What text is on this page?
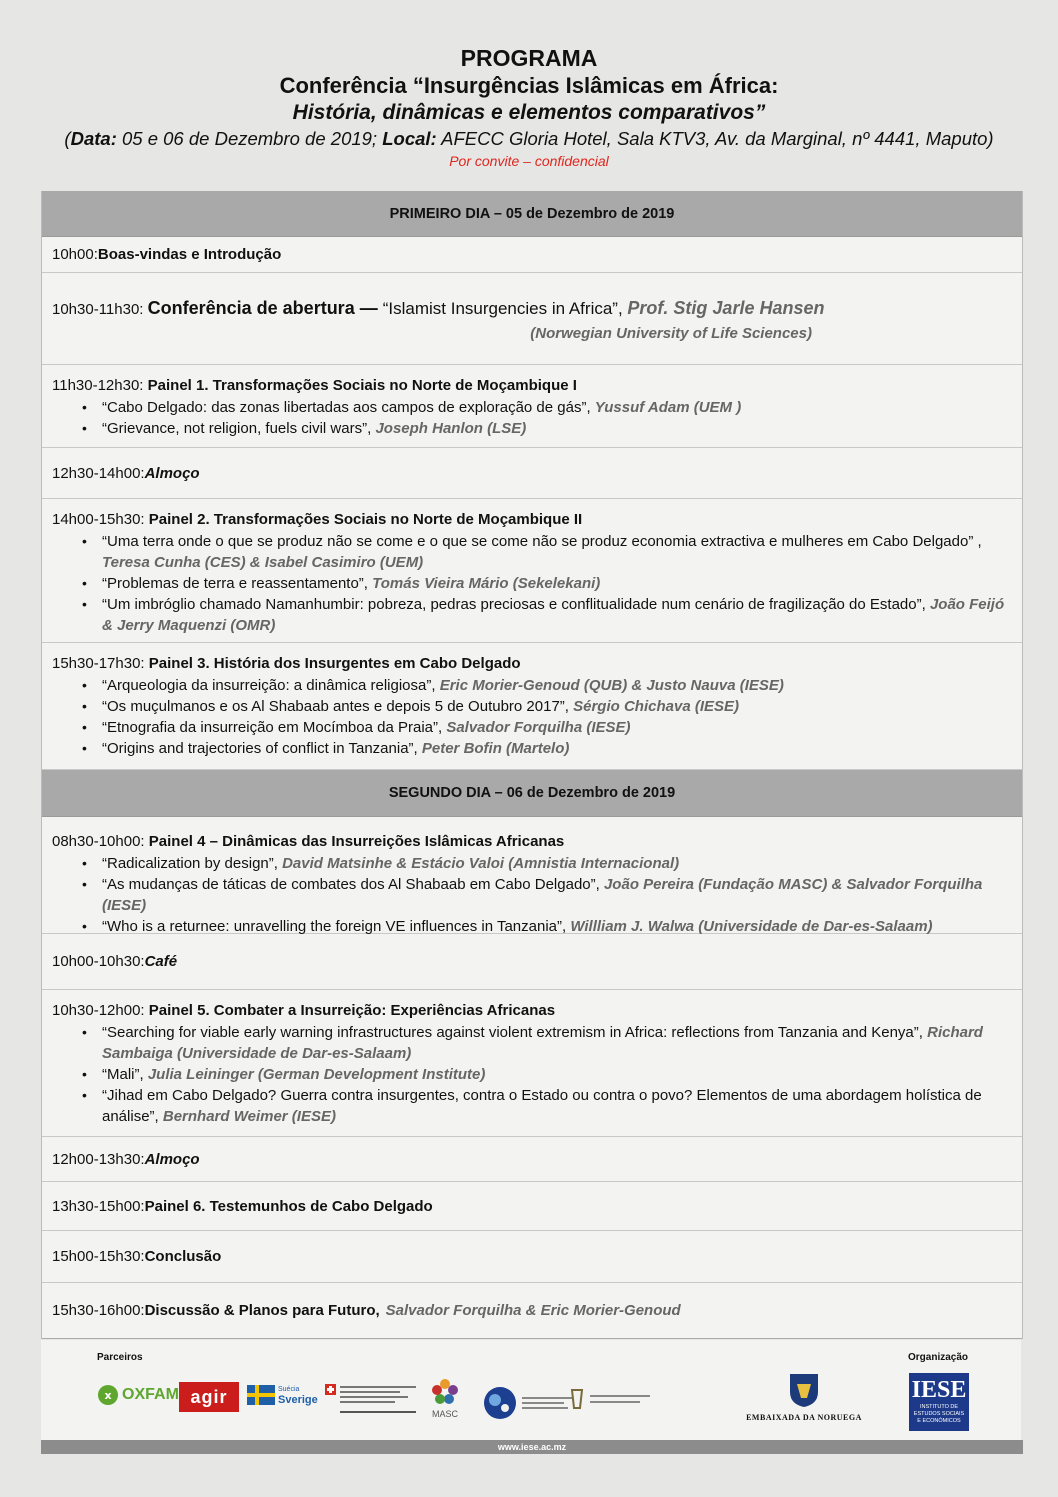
PROGRAMA
Conferência “Insurgências Islâmicas em África:
História, dinâmicas e elementos comparativos”
(Data: 05 e 06 de Dezembro de 2019; Local: AFECC Gloria Hotel, Sala KTV3, Av. da Marginal, nº 4441, Maputo)
Por convite – confidencial
PRIMEIRO DIA – 05 de Dezembro de 2019
10h00: Boas-vindas e Introdução
10h30-11h30: Conferência de abertura — “Islamist Insurgencies in Africa”, Prof. Stig Jarle Hansen
(Norwegian University of Life Sciences)
11h30-12h30: Painel 1. Transformações Sociais no Norte de Moçambique I
• “Cabo Delgado: das zonas libertadas aos campos de exploração de gás”, Yussuf Adam (UEM )
• “Grievance, not religion, fuels civil wars”, Joseph Hanlon (LSE)
12h30-14h00: Almoço
14h00-15h30: Painel 2. Transformações Sociais no Norte de Moçambique II
• “Uma terra onde o que se produz não se come e o que se come não se produz economia extractiva e mulheres em Cabo Delgado” , Teresa Cunha (CES) & Isabel Casimiro (UEM)
• “Problemas de terra e reassentamento”, Tomás Vieira Mário (Sekelekani)
• “Um imbróglio chamado Namanhumbir: pobreza, pedras preciosas e conflitualidade num cenário de fragilização do Estado”, João Feijó & Jerry Maquenzi (OMR)
15h30-17h30: Painel 3. História dos Insurgentes em Cabo Delgado
• “Arqueologia da insurreição: a dinâmica religiosa”, Eric Morier-Genoud (QUB) & Justo Nauva (IESE)
• “Os muçulmanos e os Al Shabaab antes e depois 5 de Outubro 2017”, Sérgio Chichava (IESE)
• “Etnografia da insurreição em Mocímboa da Praia”, Salvador Forquilha (IESE)
• “Origins and trajectories of conflict in Tanzania”, Peter Bofin (Martelo)
SEGUNDO DIA – 06 de Dezembro de 2019
08h30-10h00: Painel 4 – Dinâmicas das Insurreições Islâmicas Africanas
• “Radicalization by design”, David Matsinhe & Estácio Valoi (Amnistia Internacional)
• “As mudanças de táticas de combates dos Al Shabaab em Cabo Delgado”, João Pereira (Fundação MASC) & Salvador Forquilha (IESE)
• “Who is a returnee: unravelling the foreign VE influences in Tanzania”, Willliam J. Walwa (Universidade de Dar-es-Salaam)
10h00-10h30: Café
10h30-12h00: Painel 5. Combater a Insurreição: Experiências Africanas
• “Searching for viable early warning infrastructures against violent extremism in Africa: reflections from Tanzania and Kenya”, Richard Sambaiga (Universidade de Dar-es-Salaam)
• “Mali”, Julia Leininger (German Development Institute)
• “Jihad em Cabo Delgado? Guerra contra insurgentes, contra o Estado ou contra o povo? Elementos de uma abordagem holística de análise”, Bernhard Weimer (IESE)
12h00-13h30: Almoço
13h30-15h00: Painel 6. Testemunhos de Cabo Delgado
15h00-15h30: Conclusão
15h30-16h00: Discussão & Planos para Futuro, Salvador Forquilha & Eric Morier-Genoud
Parceiros	Organização
x OXFAM agir	Suécia
Sverige
MASC	EMBAIXADA DA NORUEGA
IESE
INSTITUTO DE ESTUDOS SOCIAIS E ECONÓMICOS
www.iese.ac.mz
